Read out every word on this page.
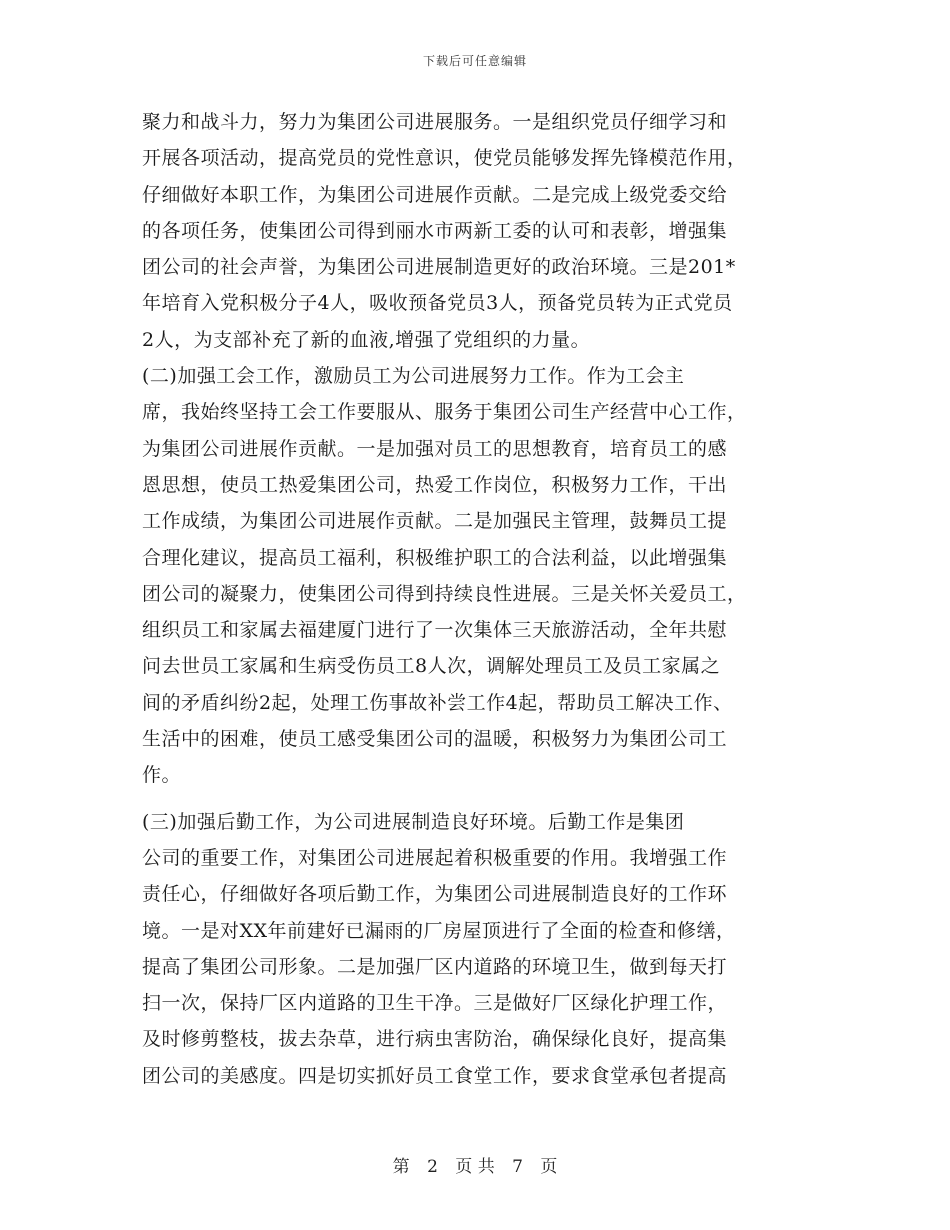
下载后可任意编辑
聚力和战斗力，努力为集团公司进展服务。一是组织党员仔细学习和
开展各项活动，提高党员的党性意识，使党员能够发挥先锋模范作用，
仔细做好本职工作，为集团公司进展作贡献。二是完成上级党委交给
的各项任务，使集团公司得到丽水市两新工委的认可和表彰，增强集
团公司的社会声誉，为集团公司进展制造更好的政治环境。三是201*
年培育入党积极分子4人，吸收预备党员3人，预备党员转为正式党员
2人，为支部补充了新的血液,增强了党组织的力量。
(二)加强工会工作，激励员工为公司进展努力工作。作为工会主
席，我始终坚持工会工作要服从、服务于集团公司生产经营中心工作，
为集团公司进展作贡献。一是加强对员工的思想教育，培育员工的感
恩思想，使员工热爱集团公司，热爱工作岗位，积极努力工作，干出
工作成绩，为集团公司进展作贡献。二是加强民主管理，鼓舞员工提
合理化建议，提高员工福利，积极维护职工的合法利益，以此增强集
团公司的凝聚力，使集团公司得到持续良性进展。三是关怀关爱员工，
组织员工和家属去福建厦门进行了一次集体三天旅游活动，全年共慰
问去世员工家属和生病受伤员工8人次，调解处理员工及员工家属之
间的矛盾纠纷2起，处理工伤事故补尝工作4起，帮助员工解决工作、
生活中的困难，使员工感受集团公司的温暖，积极努力为集团公司工
作。
(三)加强后勤工作，为公司进展制造良好环境。后勤工作是集团
公司的重要工作，对集团公司进展起着积极重要的作用。我增强工作
责任心，仔细做好各项后勤工作，为集团公司进展制造良好的工作环
境。一是对XX年前建好已漏雨的厂房屋顶进行了全面的检查和修缮，
提高了集团公司形象。二是加强厂区内道路的环境卫生，做到每天打
扫一次，保持厂区内道路的卫生干净。三是做好厂区绿化护理工作，
及时修剪整枝，拔去杂草，进行病虫害防治，确保绿化良好，提高集
团公司的美感度。四是切实抓好员工食堂工作，要求食堂承包者提高
第 2 页 共 7 页
